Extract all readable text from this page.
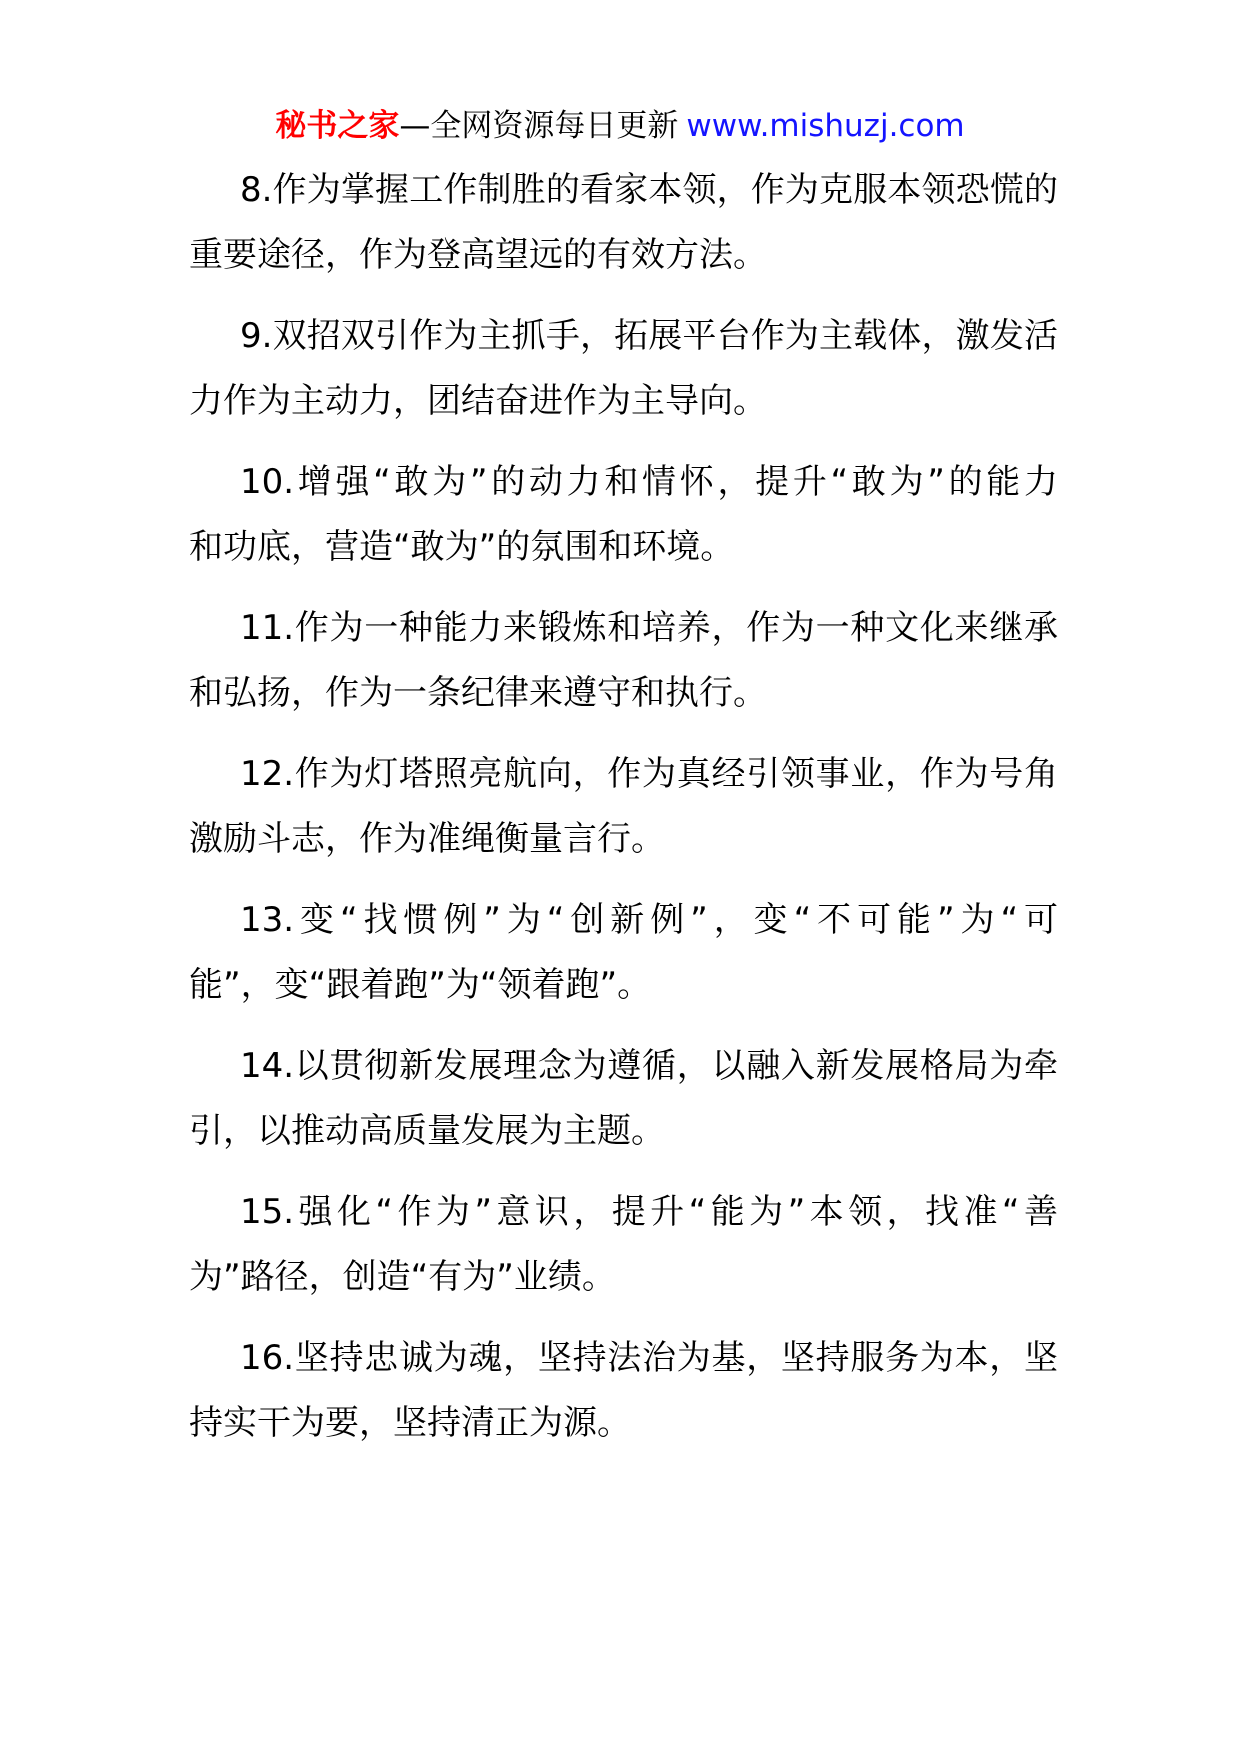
秘书之家—全网资源每日更新 www.mishuzj.com
8.作为掌握工作制胜的看家本领，作为克服本领恐慌的
重要途径，作为登高望远的有效方法。
9.双招双引作为主抓手，拓展平台作为主载体，激发活
力作为主动力，团结奋进作为主导向。
10.增强“敢为”的动力和情怀，提升“敢为”的能力
和功底，营造“敢为”的氛围和环境。
11.作为一种能力来锻炼和培养，作为一种文化来继承
和弘扬，作为一条纪律来遵守和执行。
12.作为灯塔照亮航向，作为真经引领事业，作为号角
激励斗志，作为准绳衡量言行。
13.变“找惯例”为“创新例”，变“不可能”为“可
能”，变“跟着跑”为“领着跑”。
14.以贯彻新发展理念为遵循，以融入新发展格局为牵
引，以推动高质量发展为主题。
15.强化“作为”意识，提升“能为”本领，找准“善
为”路径，创造“有为”业绩。
16.坚持忠诚为魂，坚持法治为基，坚持服务为本，坚
持实干为要，坚持清正为源。
